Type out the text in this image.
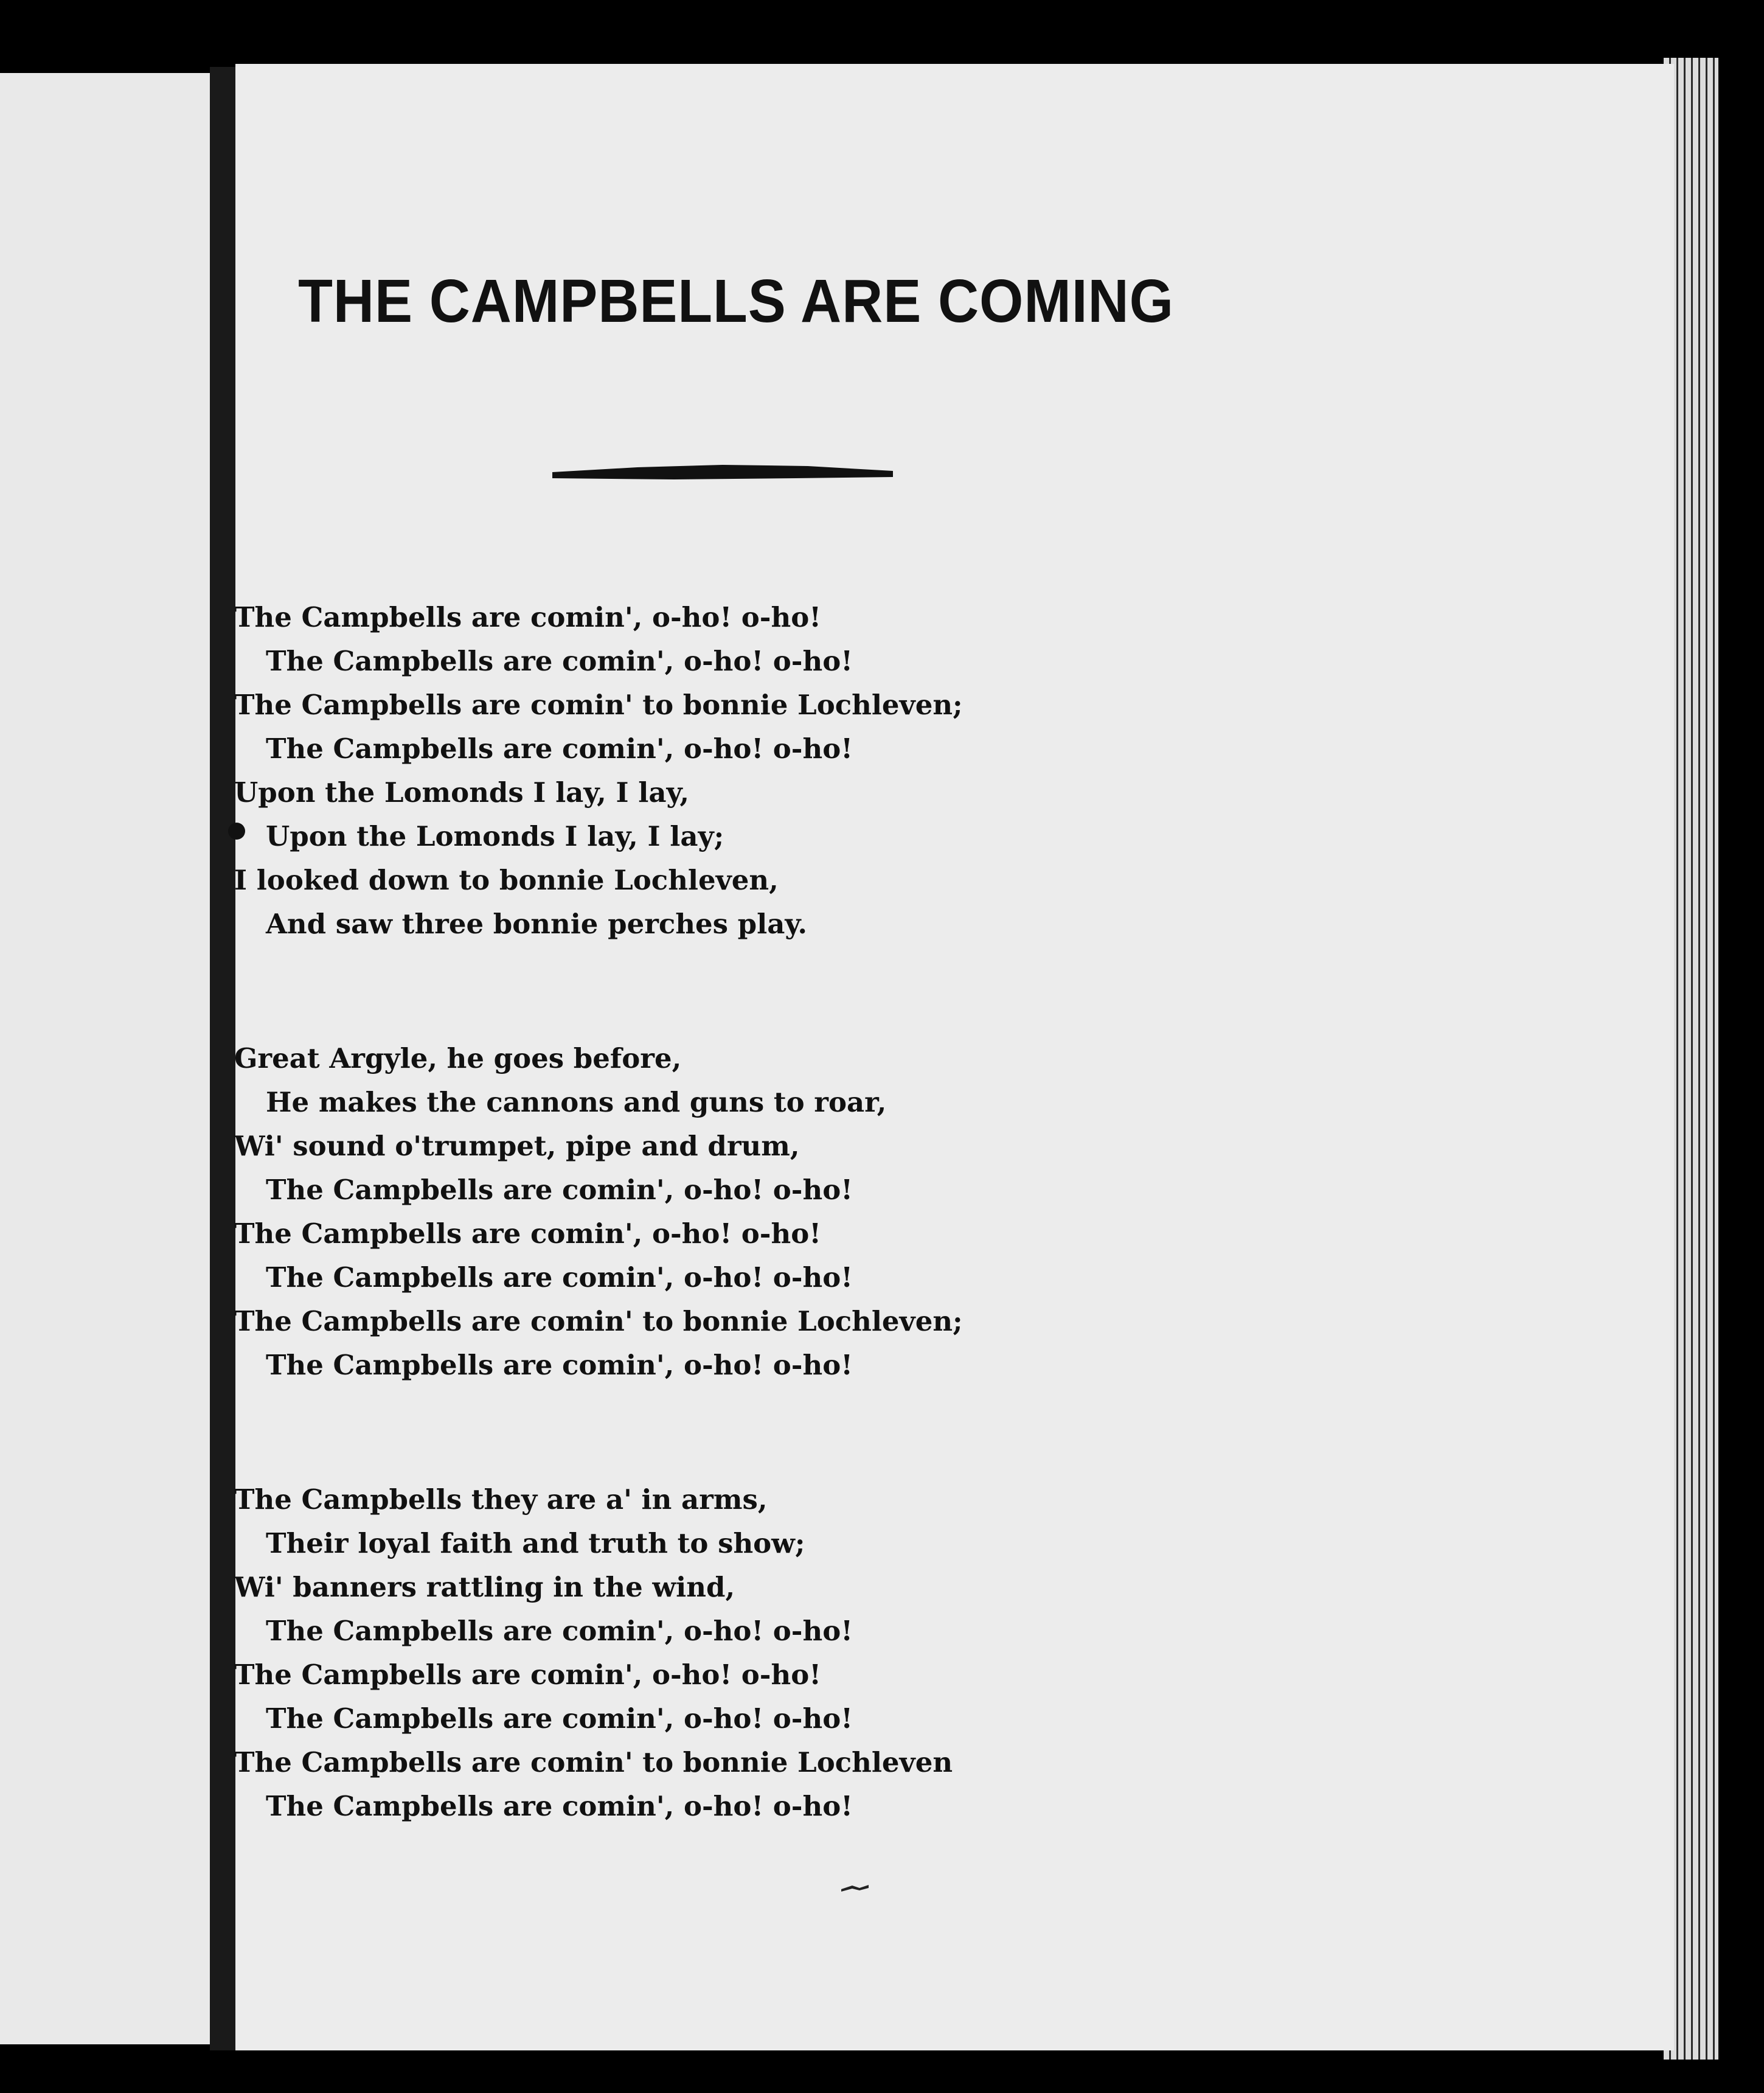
THE CAMPBELLS ARE COMING
The Campbells are comin', o-ho! o-ho!
The Campbells are comin', o-ho! o-ho!
The Campbells are comin' to bonnie Lochleven;
The Campbells are comin', o-ho! o-ho!
Upon the Lomonds I lay, I lay,
Upon the Lomonds I lay, I lay;
I looked down to bonnie Lochleven,
And saw three bonnie perches play.
Great Argyle, he goes before,
He makes the cannons and guns to roar,
Wi' sound o'trumpet, pipe and drum,
The Campbells are comin', o-ho! o-ho!
The Campbells are comin', o-ho! o-ho!
The Campbells are comin', o-ho! o-ho!
The Campbells are comin' to bonnie Lochleven;
The Campbells are comin', o-ho! o-ho!
The Campbells they are a' in arms,
Their loyal faith and truth to show;
Wi' banners rattling in the wind,
The Campbells are comin', o-ho! o-ho!
The Campbells are comin', o-ho! o-ho!
The Campbells are comin', o-ho! o-ho!
The Campbells are comin' to bonnie Lochleven
The Campbells are comin', o-ho! o-ho!
